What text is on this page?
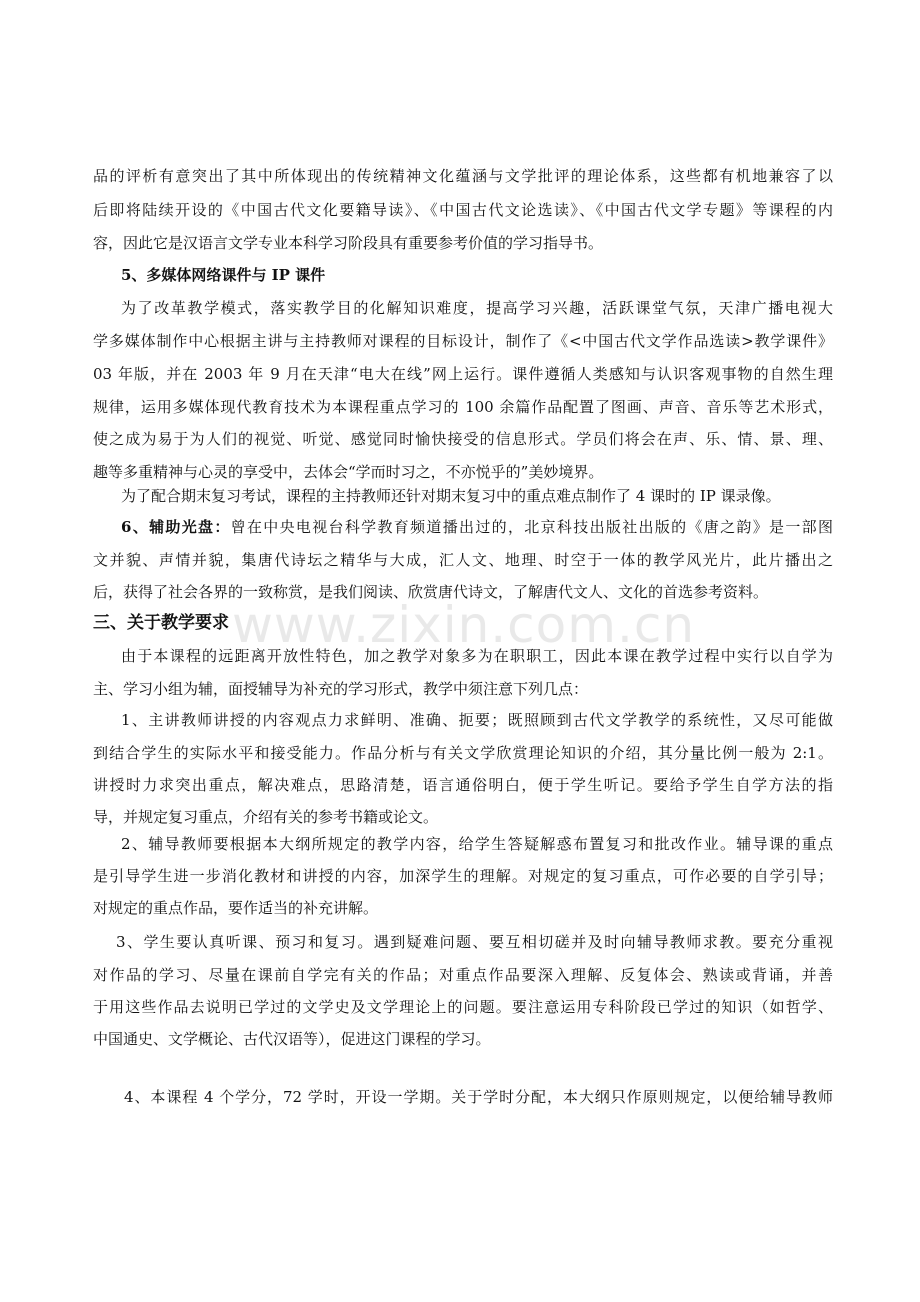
www.zixin.com.cn
品的评析有意突出了其中所体现出的传统精神文化蕴涵与文学批评的理论体系，这些都有机地兼容了以
后即将陆续开设的《中国古代文化要籍导读》、《中国古代文论选读》、《中国古代文学专题》等课程的内
容，因此它是汉语言文学专业本科学习阶段具有重要参考价值的学习指导书。
5、多媒体网络课件与 IP 课件
为了改革教学模式，落实教学目的化解知识难度，提高学习兴趣，活跃课堂气氛，天津广播电视大
学多媒体制作中心根据主讲与主持教师对课程的目标设计，制作了《<中国古代文学作品选读>教学课件》
03 年版，并在 2003 年 9 月在天津“电大在线”网上运行。课件遵循人类感知与认识客观事物的自然生理
规律，运用多媒体现代教育技术为本课程重点学习的 100 余篇作品配置了图画、声音、音乐等艺术形式，
使之成为易于为人们的视觉、听觉、感觉同时愉快接受的信息形式。学员们将会在声、乐、情、景、理、
趣等多重精神与心灵的享受中，去体会“学而时习之，不亦悦乎的”美妙境界。
为了配合期末复习考试，课程的主持教师还针对期末复习中的重点难点制作了 4 课时的 IP 课录像。
6、辅助光盘：曾在中央电视台科学教育频道播出过的，北京科技出版社出版的《唐之韵》是一部图
文并貌、声情并貌，集唐代诗坛之精华与大成，汇人文、地理、时空于一体的教学风光片，此片播出之
后，获得了社会各界的一致称赏，是我们阅读、欣赏唐代诗文，了解唐代文人、文化的首选参考资料。
三、关于教学要求
由于本课程的远距离开放性特色，加之教学对象多为在职职工，因此本课在教学过程中实行以自学为
主、学习小组为辅，面授辅导为补充的学习形式，教学中须注意下列几点：
1、主讲教师讲授的内容观点力求鲜明、准确、扼要；既照顾到古代文学教学的系统性，又尽可能做
到结合学生的实际水平和接受能力。作品分析与有关文学欣赏理论知识的介绍，其分量比例一般为 2:1。
讲授时力求突出重点，解决难点，思路清楚，语言通俗明白，便于学生听记。要给予学生自学方法的指
导，并规定复习重点，介绍有关的参考书籍或论文。
2、辅导教师要根据本大纲所规定的教学内容，给学生答疑解惑布置复习和批改作业。辅导课的重点
是引导学生进一步消化教材和讲授的内容，加深学生的理解。对规定的复习重点，可作必要的自学引导；
对规定的重点作品，要作适当的补充讲解。
3、学生要认真听课、预习和复习。遇到疑难问题、要互相切磋并及时向辅导教师求教。要充分重视
对作品的学习、尽量在课前自学完有关的作品；对重点作品要深入理解、反复体会、熟读或背诵，并善
于用这些作品去说明已学过的文学史及文学理论上的问题。要注意运用专科阶段已学过的知识（如哲学、
中国通史、文学概论、古代汉语等），促进这门课程的学习。
4、本课程 4 个学分，72 学时，开设一学期。关于学时分配，本大纲只作原则规定，以便给辅导教师
